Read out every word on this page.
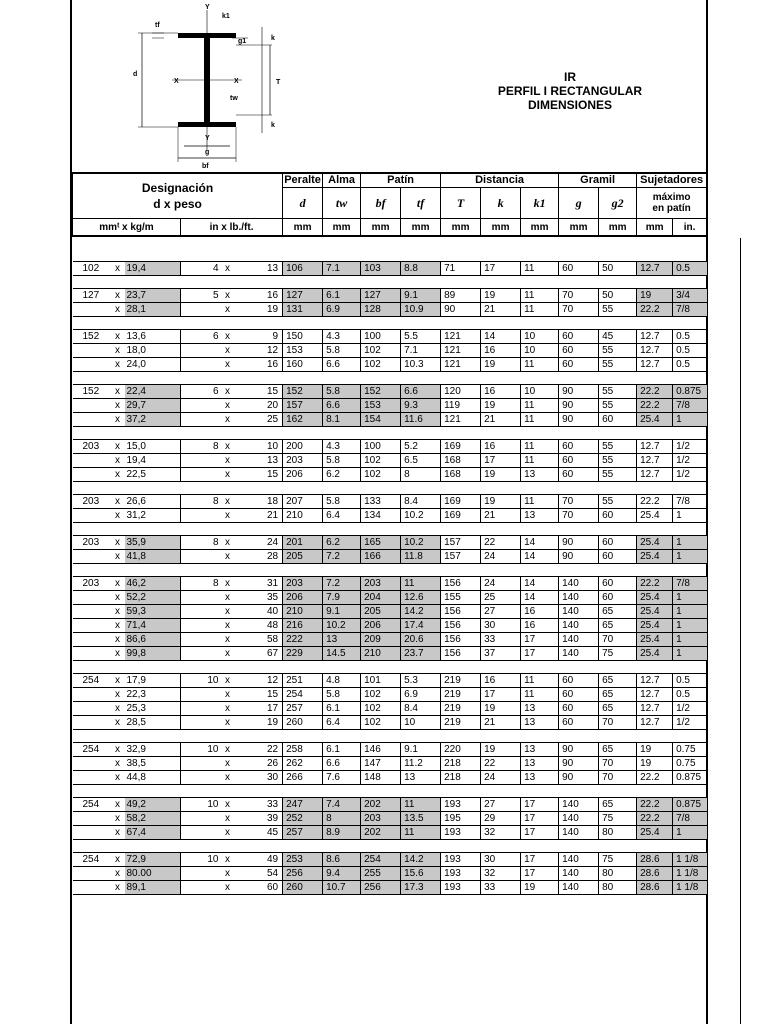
Y
k1
tf
g1	k
d
X	X	T
tw
k
Y
g
bf
IR
PERFIL I RECTANGULAR
DIMENSIONES
Designación
d x peso						Peralte	Alma	Patín		Distancia			Gramil		Sujetadores	
						d	tw	bf	tf	T	k	k1	g	g2	máximo
en patín	

mmᵗ x kg/m			in x lb./ft.			mm	mm	mm	mm	mm	mm	mm	mm	mm	mm	in.

102	x	19,4	4	x	13	106	7.1	103	8.8	71	17	11	60	50	12.7	0.5

127	x	23,7	5	x	16	127	6.1	127	9.1	89	19	11	70	50	19	3/4
	x	28,1		x	19	131	6.9	128	10.9	90	21	11	70	55	22.2	7/8

152	x	13,6	6	x	9	150	4.3	100	5.5	121	14	10	60	45	12.7	0.5
	x	18,0		x	12	153	5.8	102	7.1	121	16	10	60	55	12.7	0.5
	x	24,0		x	16	160	6.6	102	10.3	121	19	11	60	55	12.7	0.5

152	x	22,4	6	x	15	152	5.8	152	6.6	120	16	10	90	55	22.2	0.875
	x	29,7		x	20	157	6.6	153	9.3	119	19	11	90	55	22.2	7/8
	x	37,2		x	25	162	8.1	154	11.6	121	21	11	90	60	25.4	1

203	x	15,0	8	x	10	200	4.3	100	5.2	169	16	11	60	55	12.7	1/2
	x	19,4		x	13	203	5.8	102	6.5	168	17	11	60	55	12.7	1/2
	x	22,5		x	15	206	6.2	102	8	168	19	13	60	55	12.7	1/2

203	x	26,6	8	x	18	207	5.8	133	8.4	169	19	11	70	55	22.2	7/8
	x	31,2		x	21	210	6.4	134	10.2	169	21	13	70	60	25.4	1

203	x	35,9	8	x	24	201	6.2	165	10.2	157	22	14	90	60	25.4	1
	x	41,8		x	28	205	7.2	166	11.8	157	24	14	90	60	25.4	1

203	x	46,2	8	x	31	203	7.2	203	11	156	24	14	140	60	22.2	7/8
	x	52,2		x	35	206	7.9	204	12.6	155	25	14	140	60	25.4	1
	x	59,3		x	40	210	9.1	205	14.2	156	27	16	140	65	25.4	1
	x	71,4		x	48	216	10.2	206	17.4	156	30	16	140	65	25.4	1
	x	86,6		x	58	222	13	209	20.6	156	33	17	140	70	25.4	1
	x	99,8		x	67	229	14.5	210	23.7	156	37	17	140	75	25.4	1

254	x	17,9	10	x	12	251	4.8	101	5.3	219	16	11	60	65	12.7	0.5
	x	22,3		x	15	254	5.8	102	6.9	219	17	11	60	65	12.7	0.5
	x	25,3		x	17	257	6.1	102	8.4	219	19	13	60	65	12.7	1/2
	x	28,5		x	19	260	6.4	102	10	219	21	13	60	70	12.7	1/2

254	x	32,9	10	x	22	258	6.1	146	9.1	220	19	13	90	65	19	0.75
	x	38,5		x	26	262	6.6	147	11.2	218	22	13	90	70	19	0.75
	x	44,8		x	30	266	7.6	148	13	218	24	13	90	70	22.2	0.875

254	x	49,2	10	x	33	247	7.4	202	11	193	27	17	140	65	22.2	0.875
	x	58,2		x	39	252	8	203	13.5	195	29	17	140	75	22.2	7/8
	x	67,4		x	45	257	8.9	202	11	193	32	17	140	80	25.4	1

254	x	72,9	10	x	49	253	8.6	254	14.2	193	30	17	140	75	28.6	1 1/8
	x	80.00		x	54	256	9.4	255	15.6	193	32	17	140	80	28.6	1 1/8
	x	89,1		x	60	260	10.7	256	17.3	193	33	19	140	80	28.6	1 1/8
